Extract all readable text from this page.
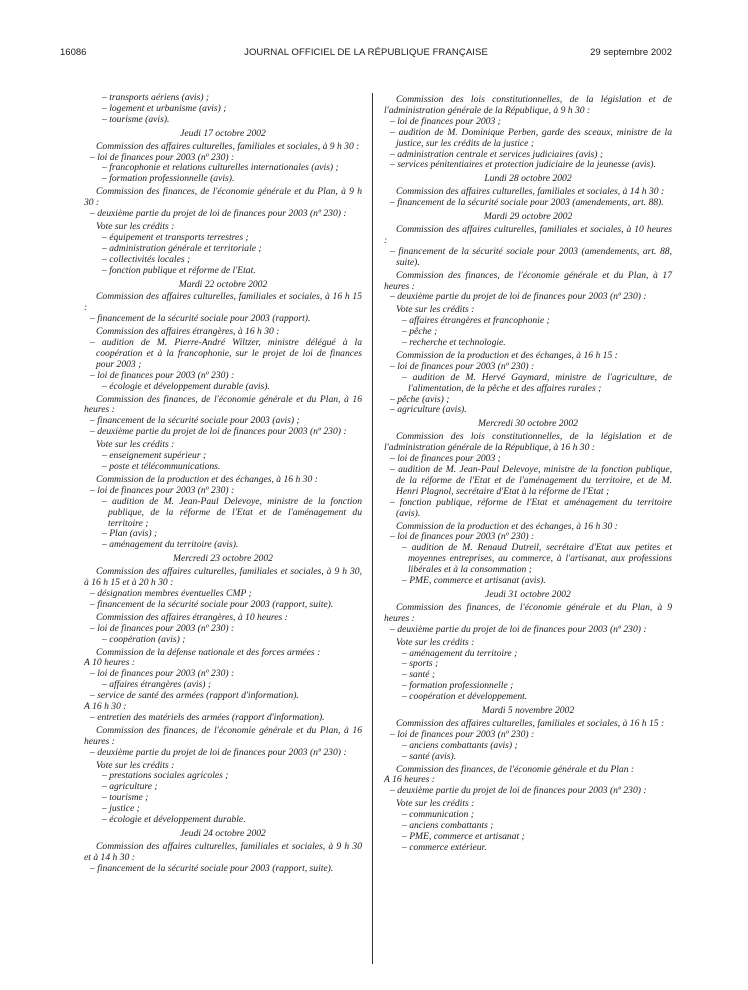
16086	JOURNAL OFFICIEL DE LA RÉPUBLIQUE FRANÇAISE	29 septembre 2002
– transports aériens (avis) ;
– logement et urbanisme (avis) ;
– tourisme (avis).
Jeudi 17 octobre 2002
Commission des affaires culturelles, familiales et sociales, à 9 h 30 :
– loi de finances pour 2003 (nº 230) :
– francophonie et relations culturelles internationales (avis) ;
– formation professionnelle (avis).
Commission des finances, de l'économie générale et du Plan, à 9 h 30 :
– deuxième partie du projet de loi de finances pour 2003 (nº 230) :
Vote sur les crédits :
– équipement et transports terrestres ;
– administration générale et territoriale ;
– collectivités locales ;
– fonction publique et réforme de l'Etat.
Mardi 22 octobre 2002
Commission des affaires culturelles, familiales et sociales, à 16 h 15 :
– financement de la sécurité sociale pour 2003 (rapport).
Commission des affaires étrangères, à 16 h 30 :
– audition de M. Pierre-André Wiltzer, ministre délégué à la coopération et à la francophonie, sur le projet de loi de finances pour 2003 ;
– loi de finances pour 2003 (nº 230) :
– écologie et développement durable (avis).
Commission des finances, de l'économie générale et du Plan, à 16 heures :
– financement de la sécurité sociale pour 2003 (avis) ;
– deuxième partie du projet de loi de finances pour 2003 (nº 230) :
Vote sur les crédits :
– enseignement supérieur ;
– poste et télécommunications.
Commission de la production et des échanges, à 16 h 30 :
– loi de finances pour 2003 (nº 230) :
– audition de M. Jean-Paul Delevoye, ministre de la fonction publique, de la réforme de l'Etat et de l'aménagement du territoire ;
– Plan (avis) ;
– aménagement du territoire (avis).
Mercredi 23 octobre 2002
Commission des affaires culturelles, familiales et sociales, à 9 h 30, à 16 h 15 et à 20 h 30 :
– désignation membres éventuelles CMP ;
– financement de la sécurité sociale pour 2003 (rapport, suite).
Commission des affaires étrangères, à 10 heures :
– loi de finances pour 2003 (nº 230) :
– coopération (avis) ;
Commission de la défense nationale et des forces armées :
A 10 heures :
– loi de finances pour 2003 (nº 230) :
– affaires étrangères (avis) ;
– service de santé des armées (rapport d'information).
A 16 h 30 :
– entretien des matériels des armées (rapport d'information).
Commission des finances, de l'économie générale et du Plan, à 16 heures :
– deuxième partie du projet de loi de finances pour 2003 (nº 230) :
Vote sur les crédits :
– prestations sociales agricoles ;
– agriculture ;
– tourisme ;
– justice ;
– écologie et développement durable.
Jeudi 24 octobre 2002
Commission des affaires culturelles, familiales et sociales, à 9 h 30 et à 14 h 30 :
– financement de la sécurité sociale pour 2003 (rapport, suite).
Commission des lois constitutionnelles, de la législation et de l'administration générale de la République, à 9 h 30 :
– loi de finances pour 2003 ;
– audition de M. Dominique Perben, garde des sceaux, ministre de la justice, sur les crédits de la justice ;
– administration centrale et services judiciaires (avis) ;
– services pénitentiaires et protection judiciaire de la jeunesse (avis).
Lundi 28 octobre 2002
Commission des affaires culturelles, familiales et sociales, à 14 h 30 :
– financement de la sécurité sociale pour 2003 (amendements, art. 88).
Mardi 29 octobre 2002
Commission des affaires culturelles, familiales et sociales, à 10 heures :
– financement de la sécurité sociale pour 2003 (amendements, art. 88, suite).
Commission des finances, de l'économie générale et du Plan, à 17 heures :
– deuxième partie du projet de loi de finances pour 2003 (nº 230) :
Vote sur les crédits :
– affaires étrangères et francophonie ;
– pêche ;
– recherche et technologie.
Commission de la production et des échanges, à 16 h 15 :
– loi de finances pour 2003 (nº 230) :
– audition de M. Hervé Gaymard, ministre de l'agriculture, de l'alimentation, de la pêche et des affaires rurales ;
– pêche (avis) ;
– agriculture (avis).
Mercredi 30 octobre 2002
Commission des lois constitutionnelles, de la législation et de l'administration générale de la République, à 16 h 30 :
– loi de finances pour 2003 ;
– audition de M. Jean-Paul Delevoye, ministre de la fonction publique, de la réforme de l'Etat et de l'aménagement du territoire, et de M. Henri Plagnol, secrétaire d'Etat à la réforme de l'Etat ;
– fonction publique, réforme de l'Etat et aménagement du territoire (avis).
Commission de la production et des échanges, à 16 h 30 :
– loi de finances pour 2003 (nº 230) :
– audition de M. Renaud Dutreil, secrétaire d'Etat aux petites et moyennes entreprises, au commerce, à l'artisanat, aux professions libérales et à la consommation ;
– PME, commerce et artisanat (avis).
Jeudi 31 octobre 2002
Commission des finances, de l'économie générale et du Plan, à 9 heures :
– deuxième partie du projet de loi de finances pour 2003 (nº 230) :
Vote sur les crédits :
– aménagement du territoire ;
– sports ;
– santé ;
– formation professionnelle ;
– coopération et développement.
Mardi 5 novembre 2002
Commission des affaires culturelles, familiales et sociales, à 16 h 15 :
– loi de finances pour 2003 (nº 230) :
– anciens combattants (avis) ;
– santé (avis).
Commission des finances, de l'économie générale et du Plan :
A 16 heures :
– deuxième partie du projet de loi de finances pour 2003 (nº 230) :
Vote sur les crédits :
– communication ;
– anciens combattants ;
– PME, commerce et artisanat ;
– commerce extérieur.
